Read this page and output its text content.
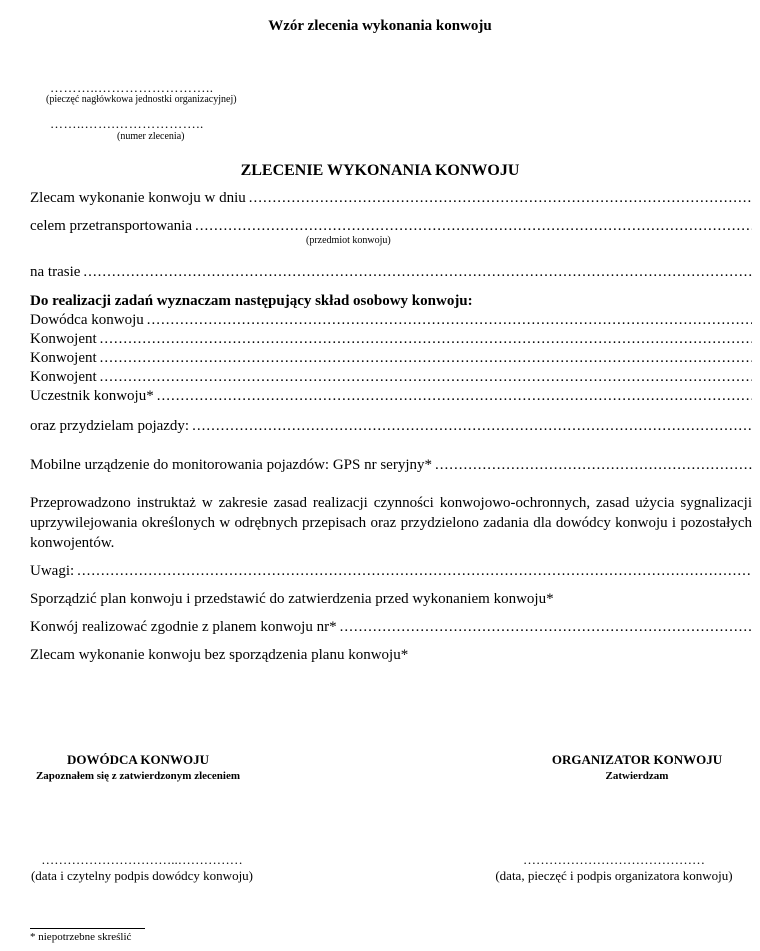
Wzór zlecenia wykonania konwoju
………..……………………..
(pieczęć nagłówkowa jednostki organizacyjnej)
……..…….………………..
(numer zlecenia)
ZLECENIE WYKONANIA KONWOJU
Zlecam wykonanie konwoju w dniu
.....
celem przetransportowania
.....
(przedmiot konwoju)
na trasie
.....
Do realizacji zadań wyznaczam następujący skład osobowy konwoju:
Dowódca konwoju
.....
Konwojent
.....
Konwojent
.....
Konwojent
.....
Uczestnik konwoju*
.....
oraz przydzielam pojazdy:
.....
Mobilne urządzenie do monitorowania pojazdów: GPS nr seryjny*
.....
Przeprowadzono instruktaż w zakresie zasad realizacji czynności konwojowo-ochronnych, zasad użycia sygnalizacji uprzywilejowania określonych w odrębnych przepisach oraz przydzielono zadania dla dowódcy konwoju i pozostałych konwojentów.
Uwagi:
.....
Sporządzić plan konwoju i przedstawić do zatwierdzenia przed wykonaniem konwoju*
Konwój realizować zgodnie z planem konwoju nr*
.....
Zlecam wykonanie konwoju bez sporządzenia planu konwoju*
DOWÓDCA KONWOJU
Zapoznałem się z zatwierdzonym zleceniem
ORGANIZATOR KONWOJU
Zatwierdzam
…………………………..……………
(data i czytelny podpis dowódcy konwoju)
……………………………………
(data, pieczęć i podpis organizatora konwoju)
* niepotrzebne skreślić
